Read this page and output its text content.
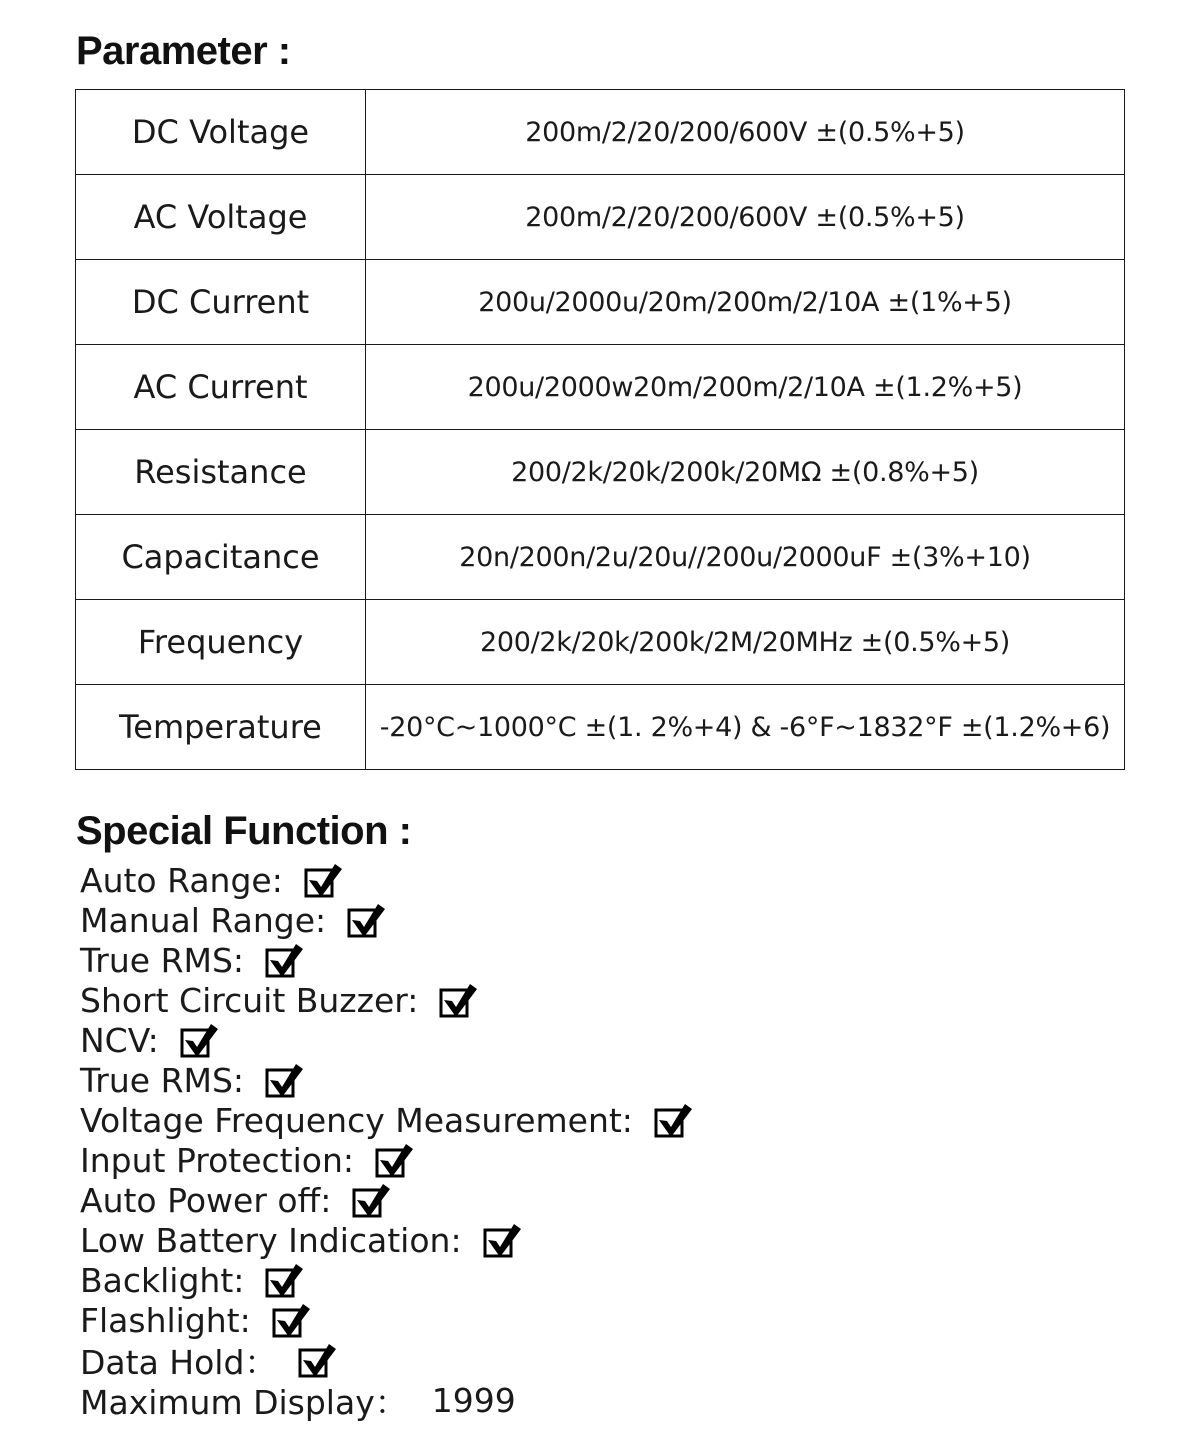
Parameter :
DC Voltage	200m/2/20/200/600V ±(0.5%+5)
AC Voltage	200m/2/20/200/600V ±(0.5%+5)
DC Current	200u/2000u/20m/200m/2/10A ±(1%+5)
AC Current	200u/2000w20m/200m/2/10A ±(1.2%+5)
Resistance	200/2k/20k/200k/20MΩ ±(0.8%+5)
Capacitance	20n/200n/2u/20u//200u/2000uF ±(3%+10)
Frequency	200/2k/20k/200k/2M/20MHz ±(0.5%+5)
Temperature	-20°C~1000°C ±(1. 2%+4) & -6°F~1832°F ±(1.2%+6)
Special Function :
Auto Range:
Manual Range:
True RMS:
Short Circuit Buzzer:
NCV:
True RMS:
Voltage Frequency Measurement:
Input Protection:
Auto Power off:
Low Battery Indication:
Backlight:
Flashlight:
Data Hold：
Maximum Display： 1999
